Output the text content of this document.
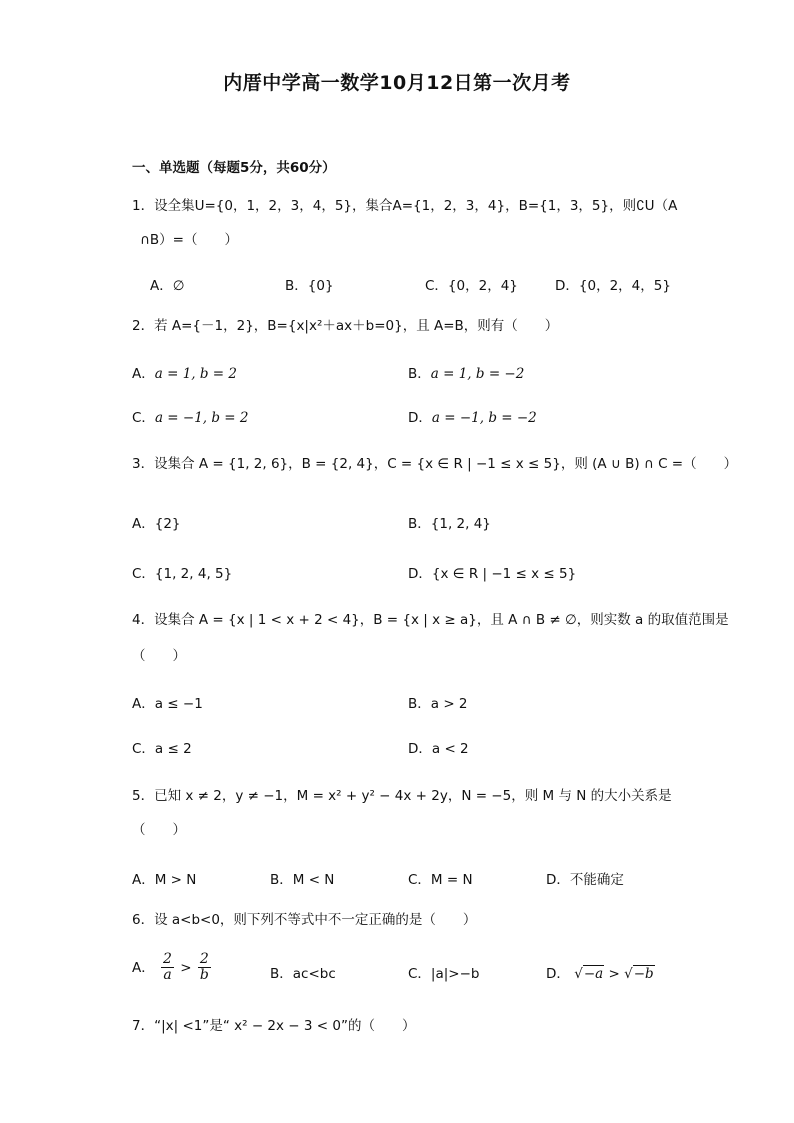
内厝中学高一数学10月12日第一次月考
一、单选题（每题5分，共60分）
1．设全集U={0，1，2，3，4，5}，集合A={1，2，3，4}，B={1，3，5}，则∁U（A
∩B）=（　　）
A．∅	B．{0}	C．{0，2，4}	D．{0，2，4，5}
2．若 A={－1，2}，B={x|x²＋ax＋b=0}，且 A=B，则有（　　）
A．a = 1, b = 2	B．a = 1, b = −2
C．a = −1, b = 2	D．a = −1, b = −2
3．设集合 A = {1, 2, 6}，B = {2, 4}，C = {x ∈ R | −1 ≤ x ≤ 5}，则 (A ∪ B) ∩ C =（　　）
A．{2}	B．{1, 2, 4}
C．{1, 2, 4, 5}	D．{x ∈ R | −1 ≤ x ≤ 5}
4．设集合 A = {x | 1 < x + 2 < 4}，B = {x | x ≥ a}，且 A ∩ B ≠ ∅，则实数 a 的取值范围是
（　　）
A．a ≤ −1	B．a > 2
C．a ≤ 2	D．a < 2
5．已知 x ≠ 2，y ≠ −1，M = x² + y² − 4x + 2y，N = −5，则 M 与 N 的大小关系是
（　　）
A．M > N	B．M < N	C．M = N	D．不能确定
6．设 a<b<0，则下列不等式中不一定正确的是（　　）
A． $\frac{2}{a} > \frac{2}{b}$	B．ac<bc	C．|a|>−b	D． √−a > √−b
7．“|x| <1”是“ x² − 2x − 3 < 0”的（　　）
